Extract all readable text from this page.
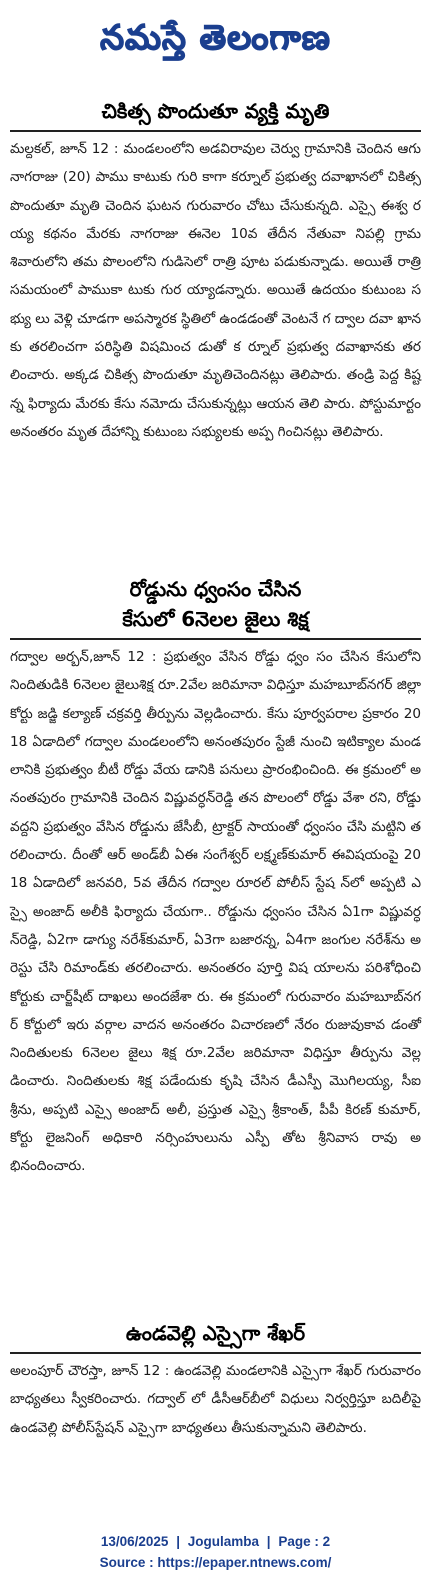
నమస్తే తెలంగాణ
చికిత్స పొందుతూ వ్యక్తి మృతి

మల్దకల్, జూన్ 12 : మండలంలోని అడవిరావుల చెర్వు గ్రామానికి చెందిన ఆగు నాగరాజు (20) పాము కాటుకు గురి కాగా కర్నూల్ ప్రభుత్వ దవాఖానలో చికిత్స పొందుతూ మృతి చెందిన ఘటన గురువారం చోటు చేసుకున్నది. ఎస్సై ఈశ్వ రయ్య కథనం మేరకు నాగరాజు ఈనెల 10వ తేదీన నేతువా నిపల్లి గ్రామశివారులోని తమ పొలంలోని గుడిసెలో రాత్రి పూట పడుకున్నాడు. అయితే రాత్రి సమయంలో పాముకా టుకు గుర య్యాడన్నారు. అయితే ఉదయం కుటుంబ సభ్యు లు వెళ్లి చూడగా అపస్మారక స్థితిలో ఉండడంతో వెంటనే గ ద్వాల దవా ఖానకు తరలించగా పరిస్థితి విషమించ డుతో క ర్నూల్ ప్రభుత్వ దవాఖానకు తరలించారు. అక్కడ చికిత్స పొందుతూ మృతిచెందినట్లు తెలిపారు. తండ్రి పెద్ద కిష్టన్న ఫిర్యాదు మేరకు కేసు నమోదు చేసుకున్నట్లు ఆయన తెలి పారు. పోస్టుమార్టం అనంతరం మృత దేహాన్ని కుటుంబ సభ్యులకు అప్ప గించినట్లు తెలిపారు.

రోడ్డును ధ్వంసం చేసిన
కేసులో 6నెలల జైలు శిక్ష

గద్వాల అర్బన్,జూన్ 12 : ప్రభుత్వం వేసిన రోడ్డు ధ్వం సం చేసిన కేసులోని నిందితుడికి 6నెలల జైలుశిక్ష రూ.2వేల జరిమానా విధిస్తూ మహబూబ్‌నగర్ జిల్లా కోర్టు జడ్జి కల్యాణ్ చక్రవర్తి తీర్పును వెల్లడించారు. కేసు పూర్వపరాల ప్రకారం 2018 ఏడాదిలో గద్వాల మండలంలోని అనంతపురం స్టేజీ నుంచి ఇటిక్యాల మండలానికి ప్రభుత్వం బీటీ రోడ్డు వేయ డానికి పనులు ప్రారంభించింది. ఈ క్రమంలో అనంతపురం గ్రామానికి చెందిన విష్ణువర్ధన్‌రెడ్డి తన పొలంలో రోడ్డు వేశా రని, రోడ్డు వద్దని ప్రభుత్వం వేసిన రోడ్డును జేసీబీ, ట్రాక్టర్ సాయంతో ధ్వంసం చేసి మట్టిని తరలించారు. దీంతో ఆర్ అండ్‌బీ ఏఈ సంగేశ్వర్ లక్ష్మణ్‌కుమార్ ఈవిషయంపై 2018 ఏడాదిలో జనవరి, 5వ తేదీన గద్వాల రూరల్ పోలీస్ స్టేష న్‌లో అప్పటి ఎస్సై అంజాద్ అలీకి ఫిర్యాదు చేయగా.. రోడ్డును ధ్వంసం చేసిన ఏ1గా విష్ణువర్ధన్‌రెడ్డి, ఏ2గా డాగ్యు నరేశ్‌కుమార్, ఏ3గా బజారన్న, ఏ4గా జంగుల నరేశ్‌ను అరెస్టు చేసి రిమాండ్‌కు తరలించారు. అనంతరం పూర్తి విష యాలను పరిశోధించి కోర్టుకు చార్జ్‌షీట్ దాఖలు అందజేశా రు. ఈ క్రమంలో గురువారం మహబూబ్‌నగర్ కోర్టులో ఇరు వర్గాల వాదన అనంతరం విచారణలో నేరం రుజువుకావ డంతో నిందితులకు 6నెలల జైలు శిక్ష రూ.2వేల జరిమానా విధిస్తూ తీర్పును వెల్లడించారు. నిందితులకు శిక్ష పడేందుకు కృషి చేసిన డీఎస్పీ మొగిలయ్య, సీఐ శ్రీను, అప్పటి ఎస్సై అంజాద్ అలీ, ప్రస్తుత ఎస్సై శ్రీకాంత్, పీపీ కిరణ్ కుమార్, కోర్టు లైజనింగ్ అధికారి నర్సింహులును ఎస్పీ తోట శ్రీనివాస రావు అభినందించారు.

ఉండవెల్లి ఎస్సైగా శేఖర్

అలంపూర్ చౌరస్తా, జూన్ 12 : ఉండవెల్లి మండలానికి ఎస్సైగా శేఖర్ గురువారం బాధ్యతలు స్వీకరించారు. గద్వాల్ లో డీసీఆర్‌బీలో విధులు నిర్వర్తిస్తూ బదిలీపై ఉండవెల్లి పోలీస్‌స్టేషన్ ఎస్సైగా బాధ్యతలు తీసుకున్నామని తెలిపారు.

13/06/2025 | Jogulamba | Page : 2
Source : https://epaper.ntnews.com/
